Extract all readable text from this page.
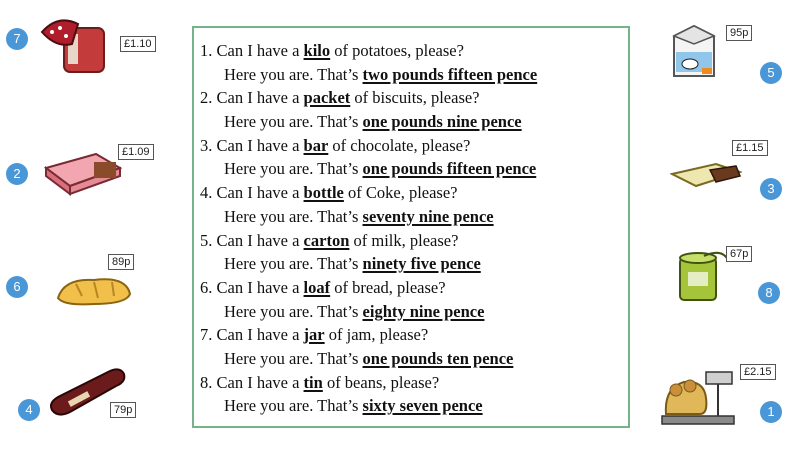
1. Can I have a kilo of potatoes, please?
Here you are. That’s two pounds fifteen pence
2. Can I have a packet of biscuits, please?
Here you are. That’s one pounds nine pence
3. Can I have a bar of chocolate, please?
Here you are. That’s one pounds fifteen pence
4. Can I have a bottle of Coke, please?
Here you are. That’s seventy nine pence
5. Can I have a carton of milk, please?
Here you are. That’s ninety five pence
6. Can I have a loaf of bread, please?
Here you are. That’s eighty nine pence
7. Can I have a jar of jam, please?
Here you are. That’s one pounds ten pence
8. Can I have a tin of beans, please?
Here you are. That’s sixty seven pence
7	£1.10
2
£1.09
6
89p
4	79p
95p
5
£1.15
3
67p
8
£2.15
1
